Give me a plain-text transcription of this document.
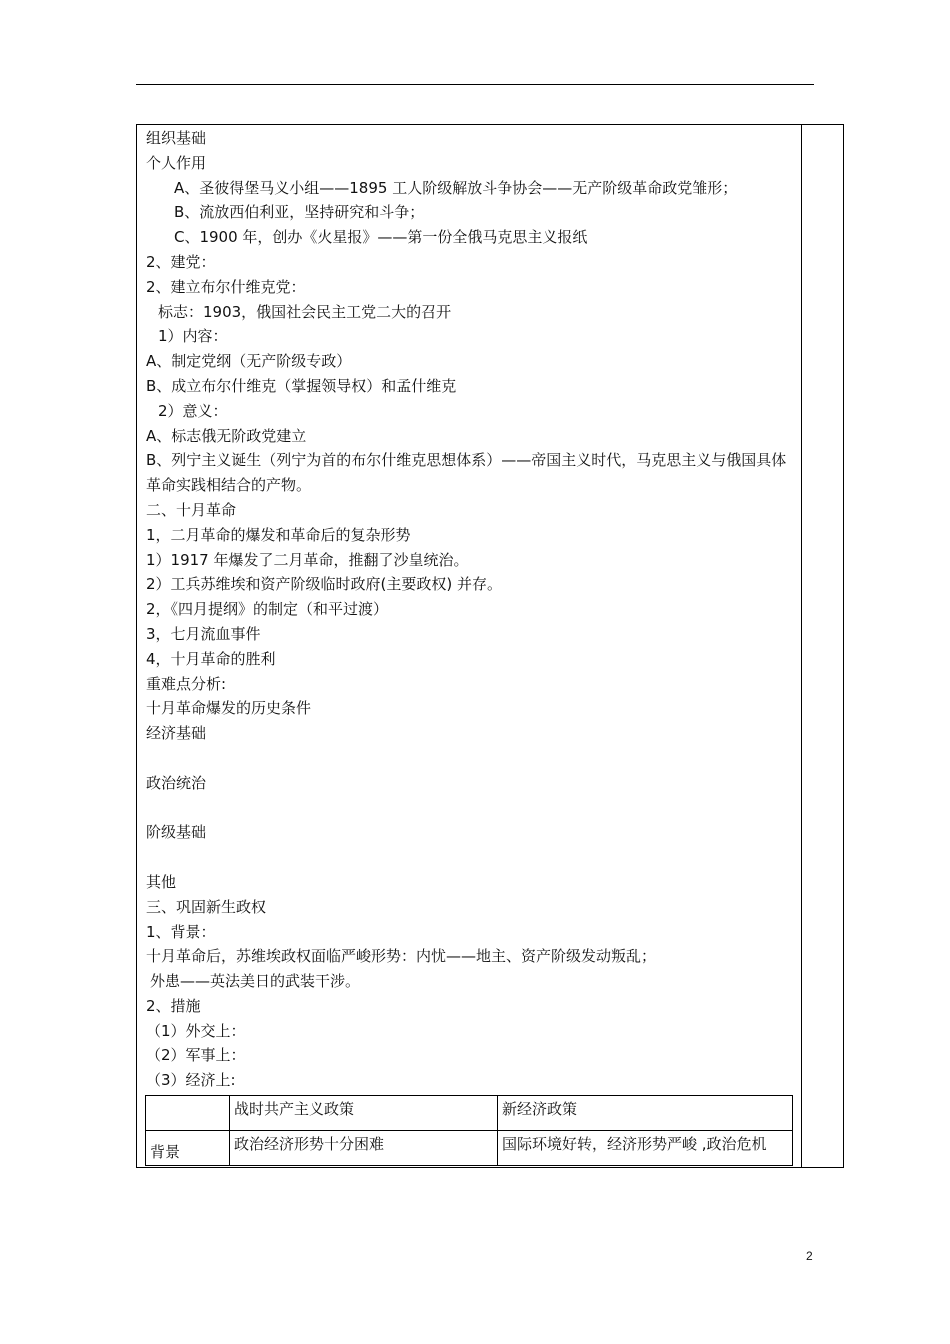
组织基础
个人作用
A、圣彼得堡马义小组——1895 工人阶级解放斗争协会——无产阶级革命政党雏形；
B、流放西伯利亚，坚持研究和斗争；
C、1900 年，创办《火星报》——第一份全俄马克思主义报纸
2、建党：
2、建立布尔什维克党：
标志：1903，俄国社会民主工党二大的召开
1）内容：
A、制定党纲（无产阶级专政）
B、成立布尔什维克（掌握领导权）和孟什维克
2）意义：
A、标志俄无阶政党建立
B、列宁主义诞生（列宁为首的布尔什维克思想体系）——帝国主义时代，马克思主义与俄国具体革命实践相结合的产物。
二、十月革命
1，二月革命的爆发和革命后的复杂形势
1）1917 年爆发了二月革命，推翻了沙皇统治。
2）工兵苏维埃和资产阶级临时政府(主要政权) 并存。
2，《四月提纲》的制定（和平过渡）
3，七月流血事件
4，十月革命的胜利
重难点分析:
十月革命爆发的历史条件
经济基础
政治统治
阶级基础
其他
三、巩固新生政权
1、背景：
十月革命后，苏维埃政权面临严峻形势：内忧——地主、资产阶级发动叛乱；
外患——英法美日的武装干涉。
2、措施
（1）外交上：
（2）军事上：
（3）经济上:
	战时共产主义政策	新经济政策
背景	政治经济形势十分困难	国际环境好转，经济形势严峻 ,政治危机
2
